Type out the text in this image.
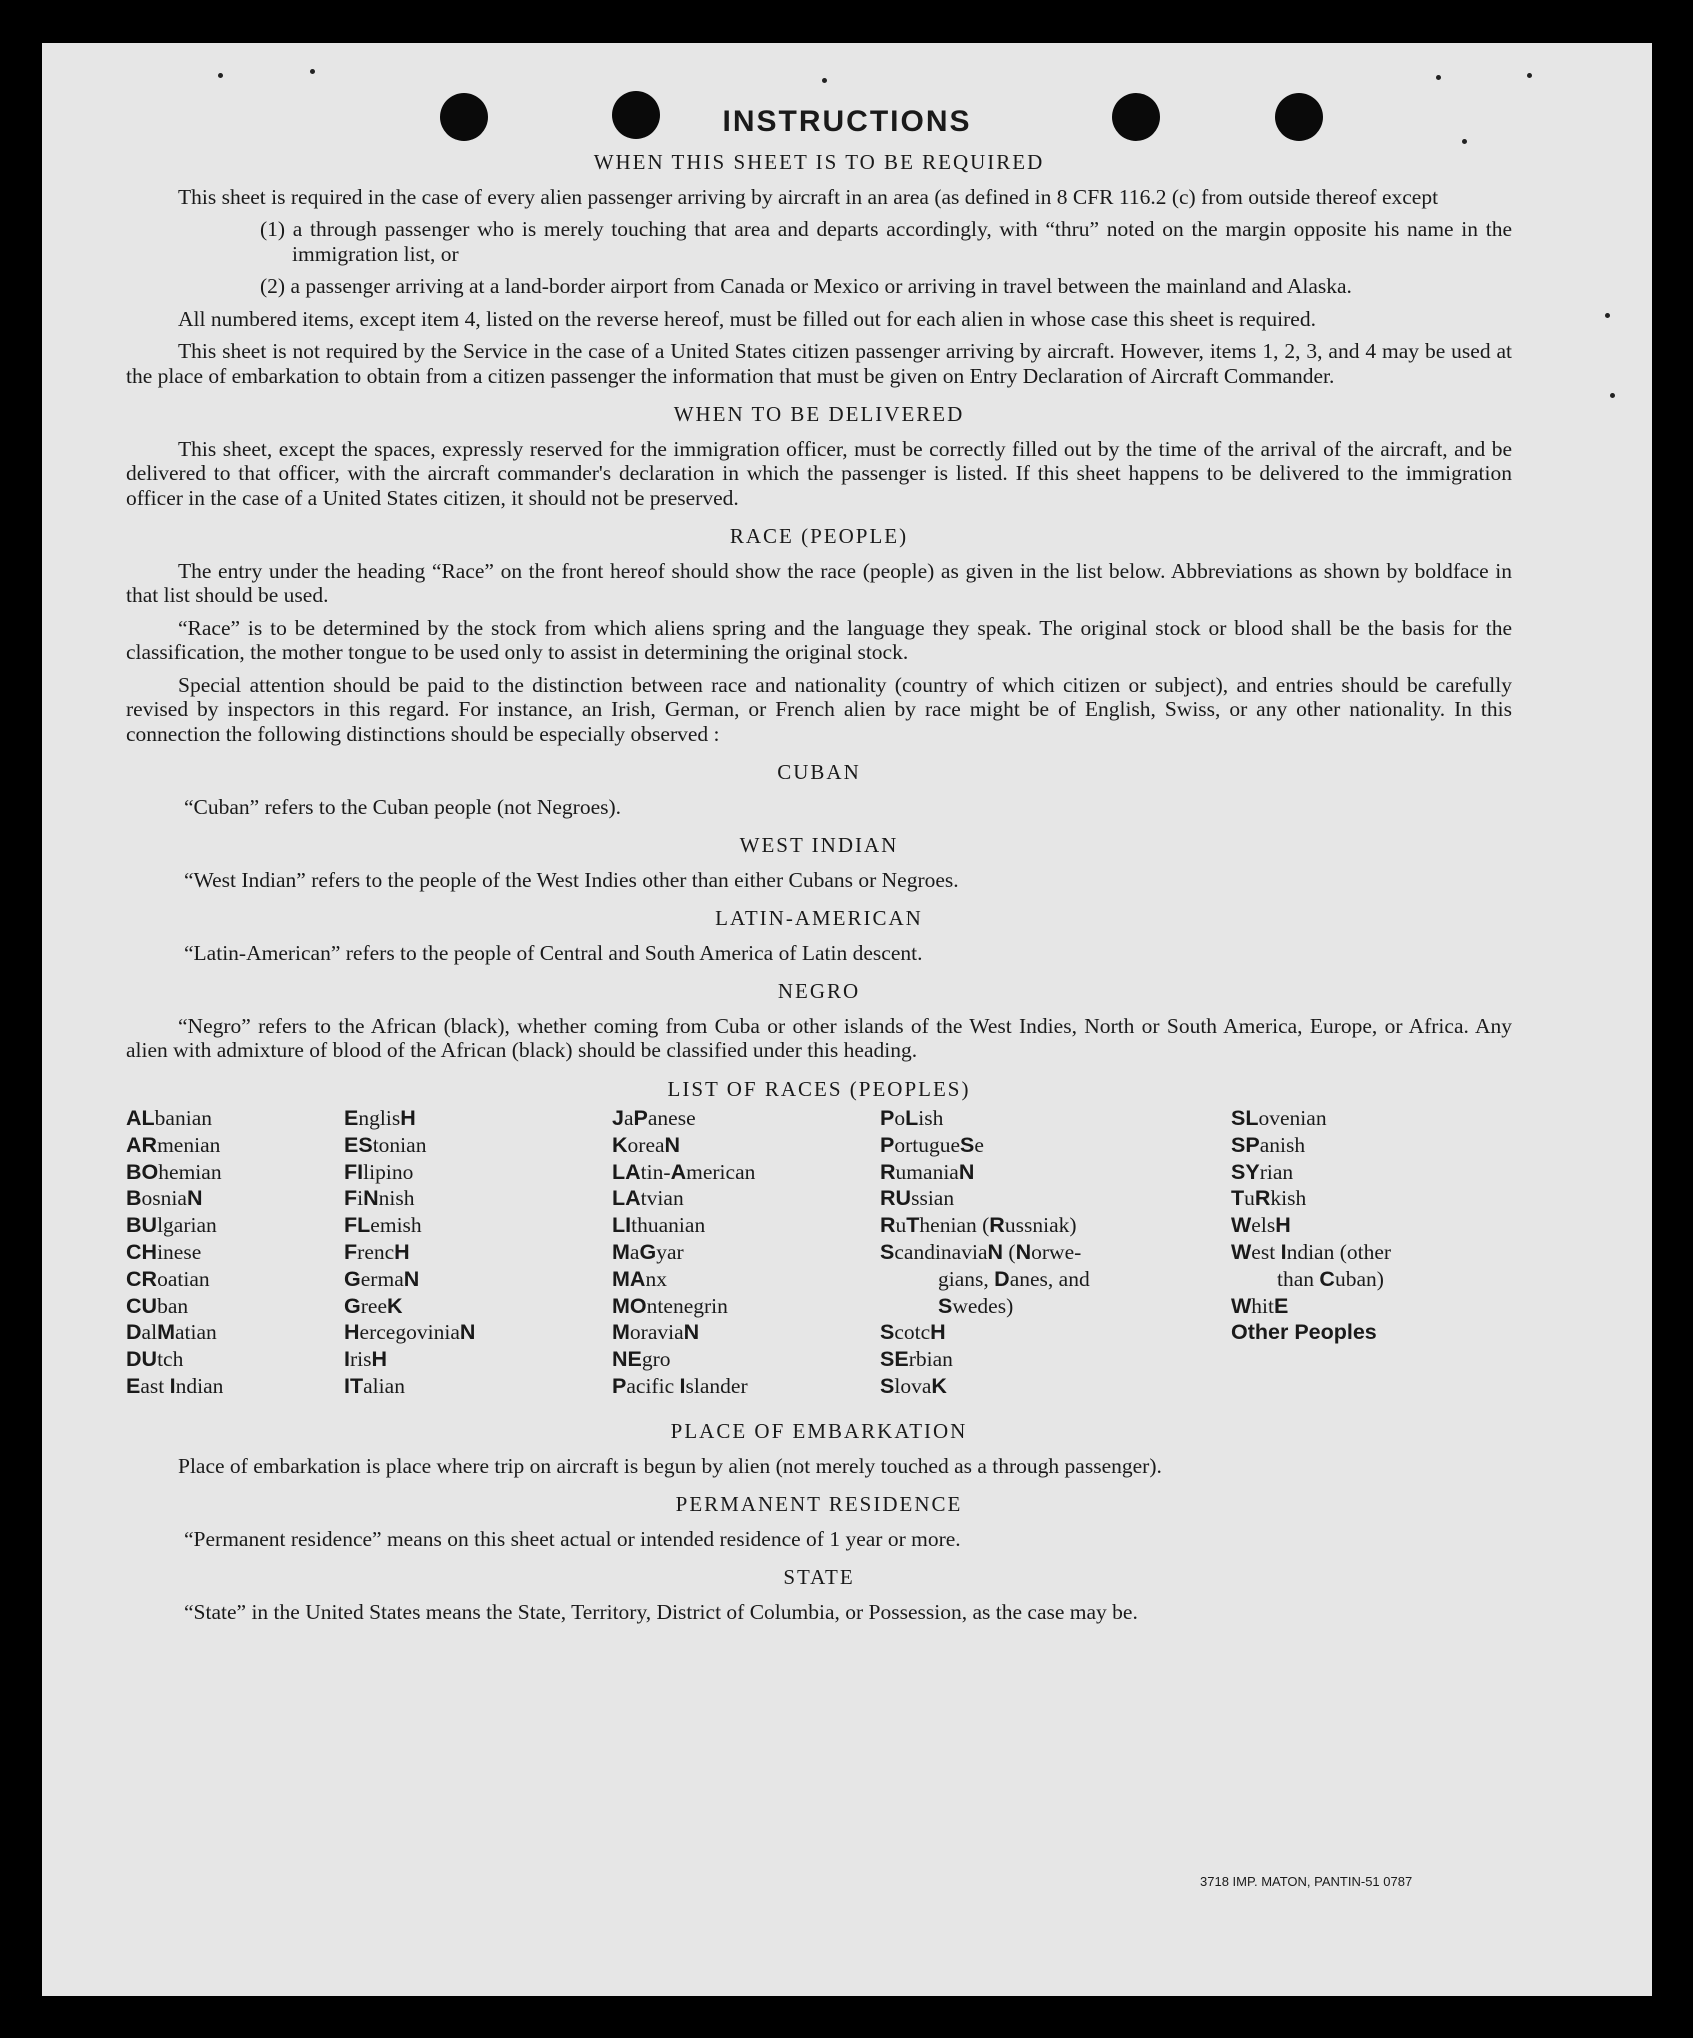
INSTRUCTIONS
WHEN THIS SHEET IS TO BE REQUIRED
This sheet is required in the case of every alien passenger arriving by aircraft in an area (as defined in 8 CFR 116.2 (c) from outside thereof except
(1) a through passenger who is merely touching that area and departs accordingly, with “thru” noted on the margin opposite his name in the immigration list, or
(2) a passenger arriving at a land-border airport from Canada or Mexico or arriving in travel between the mainland and Alaska.
All numbered items, except item 4, listed on the reverse hereof, must be filled out for each alien in whose case this sheet is required.
This sheet is not required by the Service in the case of a United States citizen passenger arriving by aircraft. However, items 1, 2, 3, and 4 may be used at the place of embarkation to obtain from a citizen passenger the information that must be given on Entry Declaration of Aircraft Commander.
WHEN TO BE DELIVERED
This sheet, except the spaces, expressly reserved for the immigration officer, must be correctly filled out by the time of the arrival of the aircraft, and be delivered to that officer, with the aircraft commander's declaration in which the passenger is listed. If this sheet happens to be delivered to the immigration officer in the case of a United States citizen, it should not be preserved.
RACE (PEOPLE)
The entry under the heading “Race” on the front hereof should show the race (people) as given in the list below. Abbreviations as shown by boldface in that list should be used.
“Race” is to be determined by the stock from which aliens spring and the language they speak. The original stock or blood shall be the basis for the classification, the mother tongue to be used only to assist in determining the original stock.
Special attention should be paid to the distinction between race and nationality (country of which citizen or subject), and entries should be carefully revised by inspectors in this regard. For instance, an Irish, German, or French alien by race might be of English, Swiss, or any other nationality. In this connection the following distinctions should be especially observed :
CUBAN
“Cuban” refers to the Cuban people (not Negroes).
WEST INDIAN
“West Indian” refers to the people of the West Indies other than either Cubans or Negroes.
LATIN-AMERICAN
“Latin-American” refers to the people of Central and South America of Latin descent.
NEGRO
“Negro” refers to the African (black), whether coming from Cuba or other islands of the West Indies, North or South America, Europe, or Africa. Any alien with admixture of blood of the African (black) should be classified under this heading.
LIST OF RACES (PEOPLES)
ALbanian
ARmenian
BOhemian
BosniaN
BUlgarian
CHinese
CRoatian
CUban
DalMatian
DUtch
East Indian
EnglisH
EStonian
FIlipino
FiNnish
FLemish
FrencH
GermaN
GreeK
HercegoviniaN
IrisH
ITalian
JaPanese
KoreaN
LAtin-American
LAtvian
LIthuanian
MaGyar
MAnx
MOntenegrin
MoraviaN
NEgro
Pacific Islander
PoLish
PortugueSe
RumaniaN
RUssian
RuThenian (Russniak)
ScandinaviaN (Norwe-
gians, Danes, and
Swedes)
ScotcH
SErbian
SlovaK
SLovenian
SPanish
SYrian
TuRkish
WelsH
West Indian (other
than Cuban)
WhitE
Other Peoples
PLACE OF EMBARKATION
Place of embarkation is place where trip on aircraft is begun by alien (not merely touched as a through passenger).
PERMANENT RESIDENCE
“Permanent residence” means on this sheet actual or intended residence of 1 year or more.
STATE
“State” in the United States means the State, Territory, District of Columbia, or Possession, as the case may be.
3718 IMP. MATON, PANTIN-51 0787
